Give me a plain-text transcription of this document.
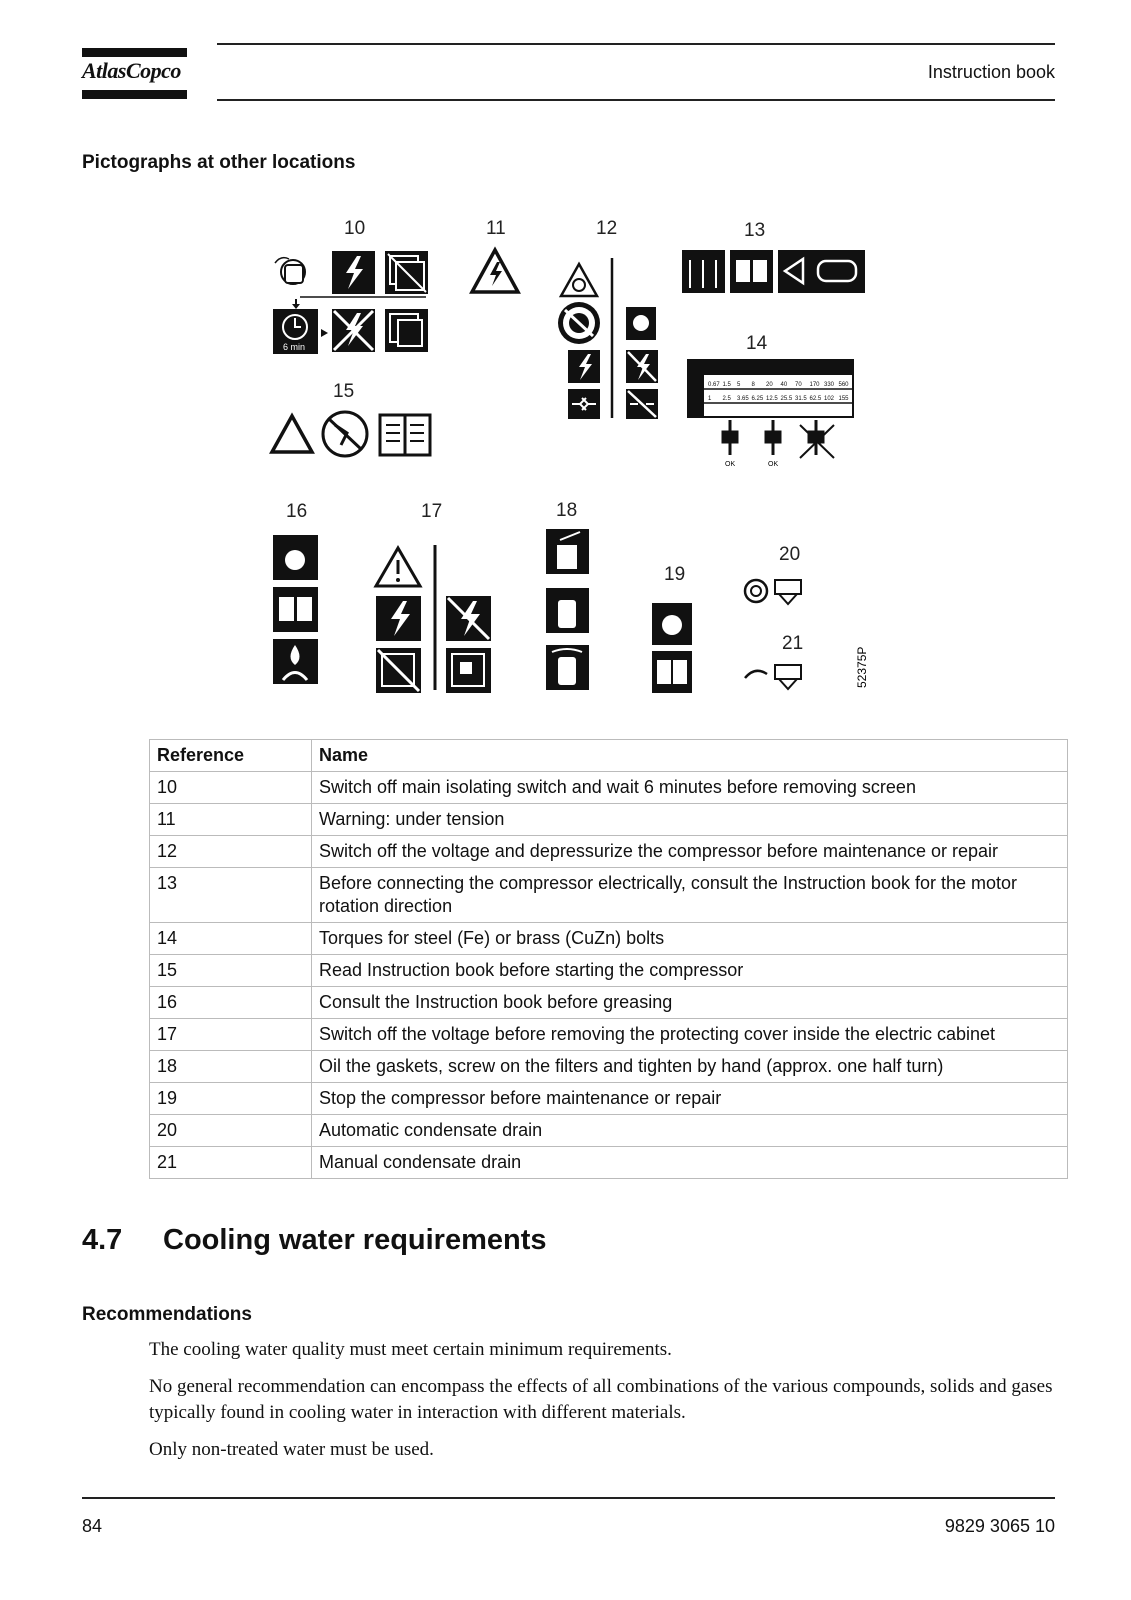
AtlasCopco	Instruction book
Pictographs at other locations
10	11	12	13
14
15
16	17	18
19
20
21
6 min
0.67 1.5 5 8 20 40 70 170 330 560
1 2.5 3.65 6.25 12.5 25.5 31.5 62.5 102 155
OK	OK
52375P
Reference	Name
10	Switch off main isolating switch and wait 6 minutes before removing screen
11	Warning: under tension
12	Switch off the voltage and depressurize the compressor before maintenance or repair
13	Before connecting the compressor electrically, consult the Instruction book for the motor rotation direction
14	Torques for steel (Fe) or brass (CuZn) bolts
15	Read Instruction book before starting the compressor
16	Consult the Instruction book before greasing
17	Switch off the voltage before removing the protecting cover inside the electric cabinet
18	Oil the gaskets, screw on the filters and tighten by hand (approx. one half turn)
19	Stop the compressor before maintenance or repair
20	Automatic condensate drain
21	Manual condensate drain
4.7 Cooling water requirements
Recommendations

The cooling water quality must meet certain minimum requirements.

No general recommendation can encompass the effects of all combinations of the various compounds, solids and gases typically found in cooling water in interaction with different materials.

Only non-treated water must be used.

84	9829 3065 10
